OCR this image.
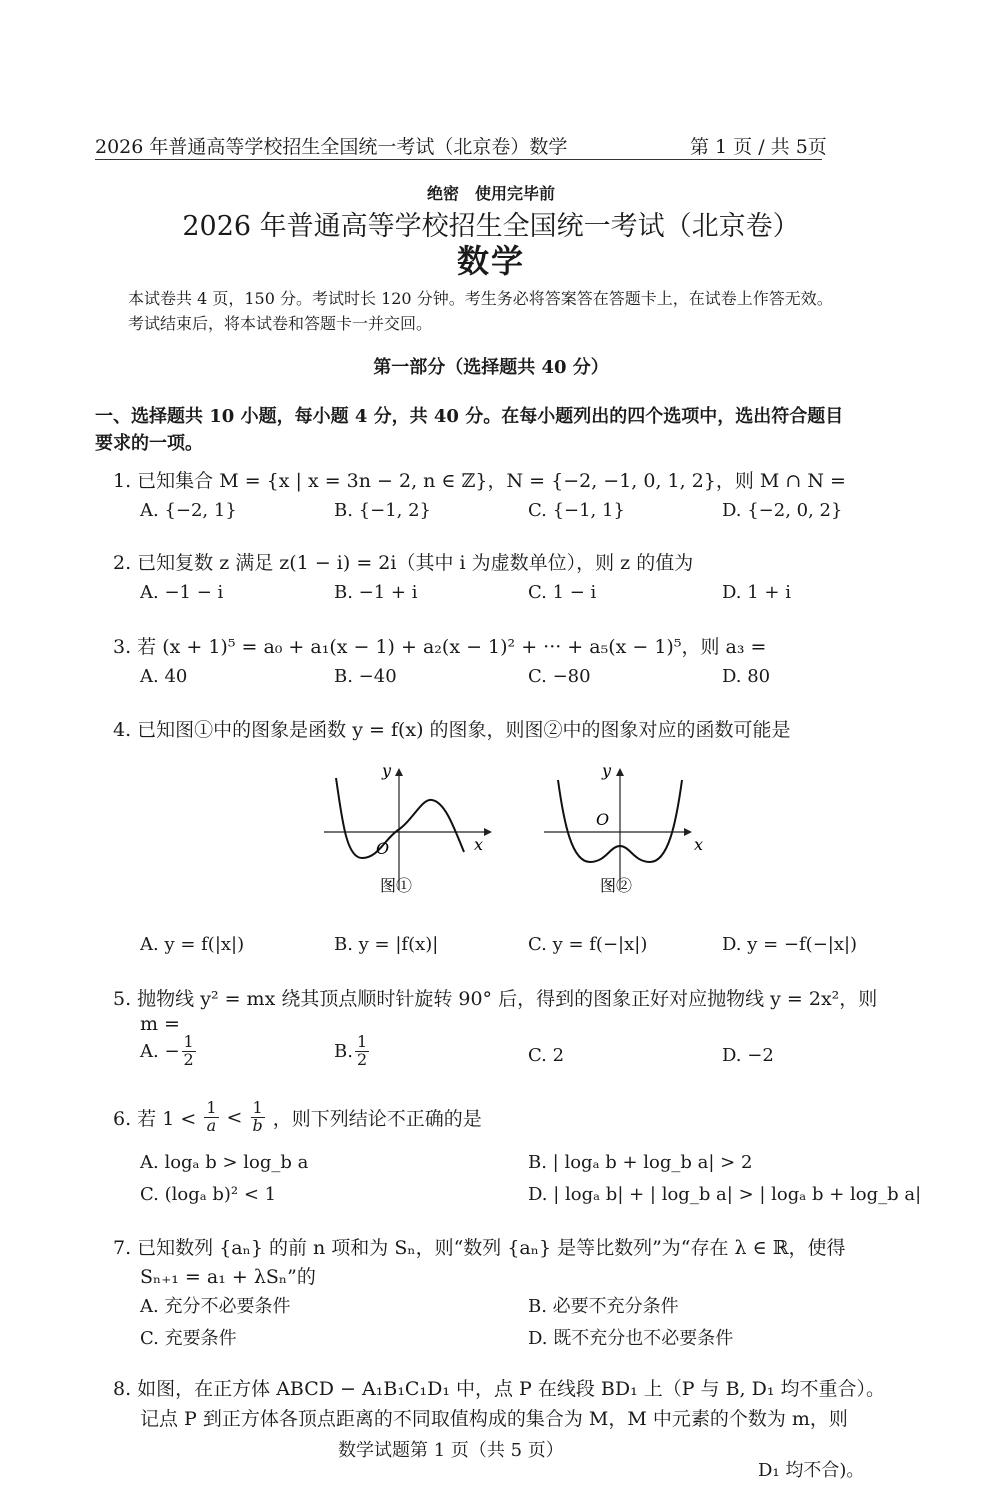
2026 年普通高等学校招生全国统一考试（北京卷）数学	第 1 页 / 共 5页
绝密　使用完毕前
2026 年普通高等学校招生全国统一考试（北京卷）
数学
本试卷共 4 页，150 分。考试时长 120 分钟。考生务必将答案答在答题卡上，在试卷上作答无效。
考试结束后，将本试卷和答题卡一并交回。
第一部分（选择题共 40 分）
一、选择题共 10 小题，每小题 4 分，共 40 分。在每小题列出的四个选项中，选出符合题目
要求的一项。
1. 已知集合 M = {x | x = 3n − 2, n ∈ ℤ}，N = {−2, −1, 0, 1, 2}，则 M ∩ N =
A. {−2, 1}	B. {−1, 2}	C. {−1, 1}	D. {−2, 0, 2}
2. 已知复数 z 满足 z(1 − i) = 2i（其中 i 为虚数单位），则 z 的值为
A. −1 − i	B. −1 + i	C. 1 − i	D. 1 + i
3. 若 (x + 1)⁵ = a₀ + a₁(x − 1) + a₂(x − 1)² + ··· + a₅(x − 1)⁵，则 a₃ =
A. 40	B. −40	C. −80	D. 80
4. 已知图①中的图象是函数 y = f(x) 的图象，则图②中的图象对应的函数可能是
y
x
O
图①
y
x
O
图②
A. y = f(|x|)	B. y = |f(x)|	C. y = f(−|x|)	D. y = −f(−|x|)
5. 抛物线 y² = mx 绕其顶点顺时针旋转 90° 后，得到的图象正好对应抛物线 y = 2x²，则
m =
A. − $\frac{1}{2}$	B. $\frac{1}{2}$	C. 2	D. −2
6. 若 $1 < \frac{1}{a} < \frac{1}{b}$ ，则下列结论不正确的是
A. logₐ b > log_b a	B. | logₐ b + log_b a| > 2
C. (logₐ b)² < 1	D. | logₐ b| + | log_b a| > | logₐ b + log_b a|
7. 已知数列 {aₙ} 的前 n 项和为 Sₙ，则“数列 {aₙ} 是等比数列”为“存在 λ ∈ ℝ，使得
Sₙ₊₁ = a₁ + λSₙ”的
A. 充分不必要条件	B. 必要不充分条件
C. 充要条件	D. 既不充分也不必要条件
8. 如图，在正方体 ABCD − A₁B₁C₁D₁ 中，点 P 在线段 BD₁ 上（P 与 B, D₁ 均不重合）。
记点 P 到正方体各顶点距离的不同取值构成的集合为 M，M 中元素的个数为 m，则
数学试题第 1 页（共 5 页）
D₁ 均不合)。
